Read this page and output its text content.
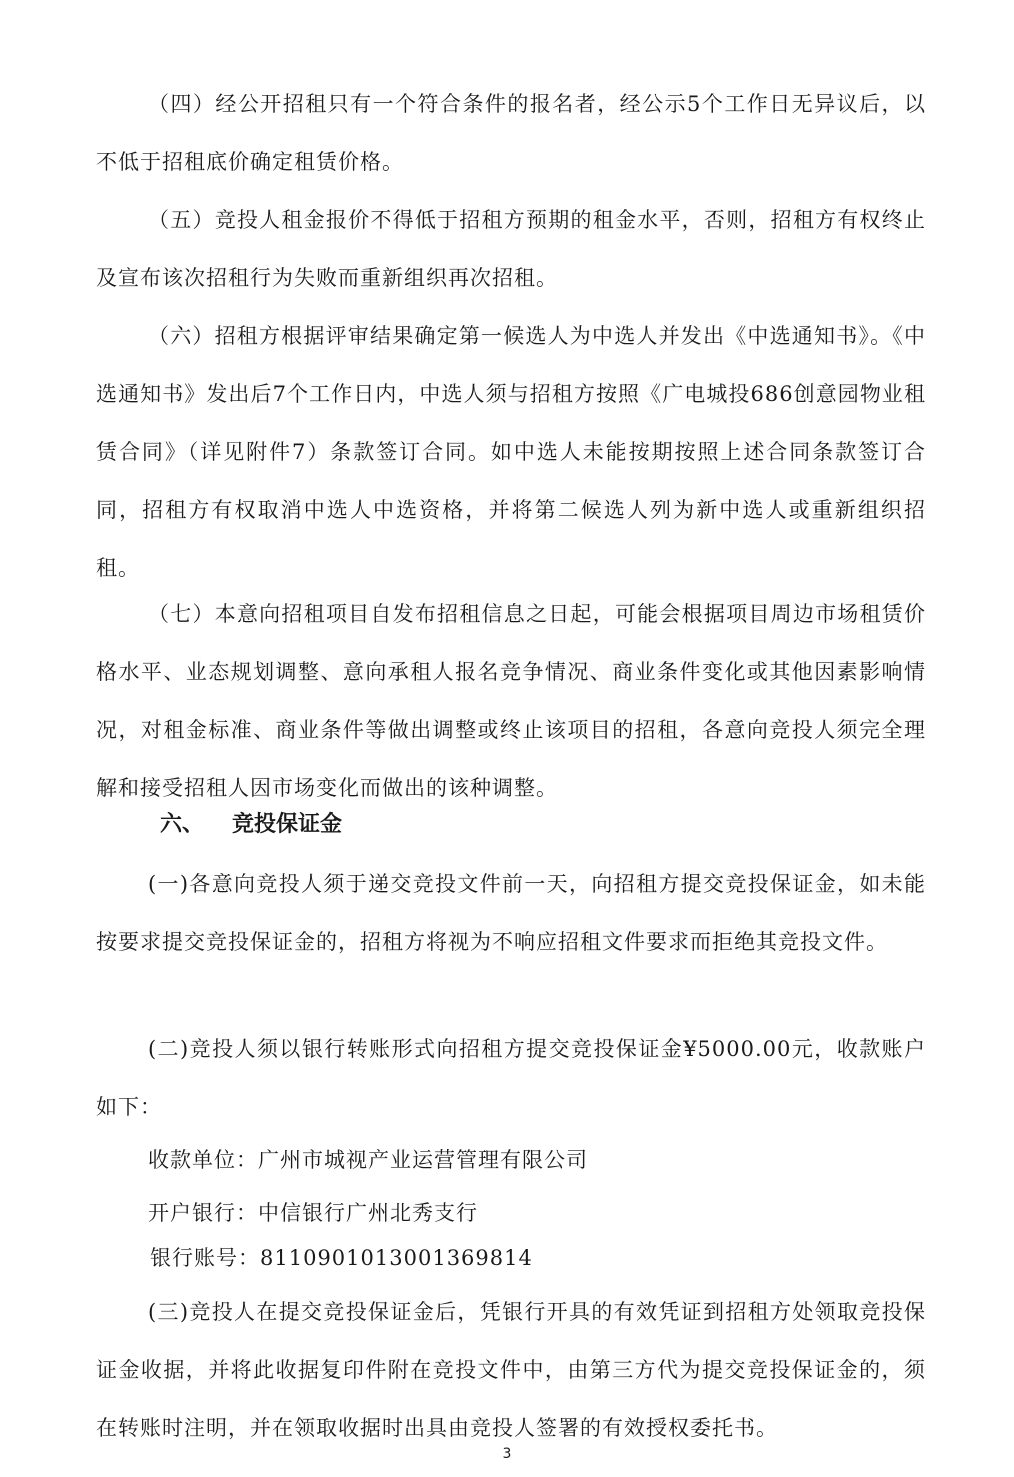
（四）经公开招租只有一个符合条件的报名者，经公示5个工作日无异议后，以不低于招租底价确定租赁价格。

（五）竞投人租金报价不得低于招租方预期的租金水平，否则，招租方有权终止及宣布该次招租行为失败而重新组织再次招租。

（六）招租方根据评审结果确定第一候选人为中选人并发出《中选通知书》。《中选通知书》发出后7个工作日内，中选人须与招租方按照《广电城投686创意园物业租赁合同》（详见附件7）条款签订合同。如中选人未能按期按照上述合同条款签订合同，招租方有权取消中选人中选资格，并将第二候选人列为新中选人或重新组织招租。

（七）本意向招租项目自发布招租信息之日起，可能会根据项目周边市场租赁价格水平、业态规划调整、意向承租人报名竞争情况、商业条件变化或其他因素影响情况，对租金标准、商业条件等做出调整或终止该项目的招租，各意向竞投人须完全理解和接受招租人因市场变化而做出的该种调整。

六、 竞投保证金

(一)各意向竞投人须于递交竞投文件前一天，向招租方提交竞投保证金，如未能按要求提交竞投保证金的，招租方将视为不响应招租文件要求而拒绝其竞投文件。

(二)竞投人须以银行转账形式向招租方提交竞投保证金¥5000.00元，收款账户如下：

收款单位：广州市城视产业运营管理有限公司

开户银行：中信银行广州北秀支行

银行账号：8110901013001369814

(三)竞投人在提交竞投保证金后，凭银行开具的有效凭证到招租方处领取竞投保证金收据，并将此收据复印件附在竞投文件中，由第三方代为提交竞投保证金的，须在转账时注明，并在领取收据时出具由竞投人签署的有效授权委托书。

3
